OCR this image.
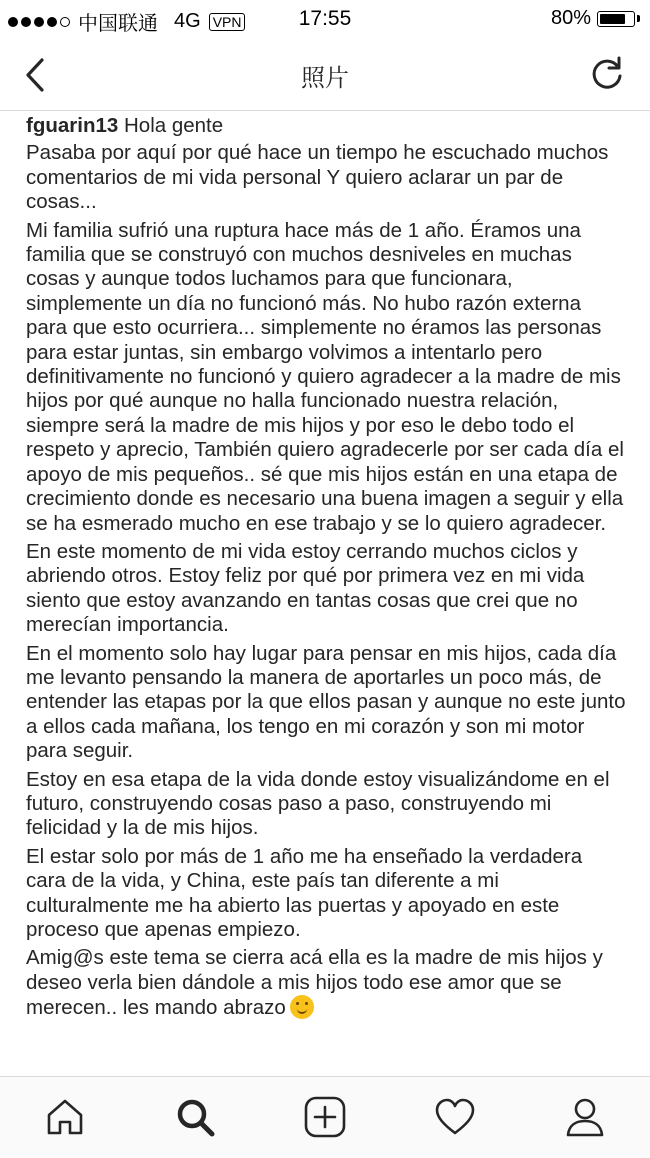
中国联通 4G VPN	17:55	80%
照片

fguarin13 Hola gente

Pasaba por aquí por qué hace un tiempo he escuchado muchos comentarios de mi vida personal Y quiero aclarar un par de cosas...

Mi familia sufrió una ruptura hace más de 1 año. Éramos una familia que se construyó con muchos desniveles en muchas cosas y aunque todos luchamos para que funcionara, simplemente un día no funcionó más. No hubo razón externa para que esto ocurriera... simplemente no éramos las personas para estar juntas, sin embargo volvimos a intentarlo pero definitivamente no funcionó y quiero agradecer a la madre de mis hijos por qué aunque no halla funcionado nuestra relación, siempre será la madre de mis hijos y por eso le debo todo el respeto y aprecio, También quiero agradecerle por ser cada día el apoyo de mis pequeños.. sé que mis hijos están en una etapa de crecimiento donde es necesario una buena imagen a seguir y ella se ha esmerado mucho en ese trabajo y se lo quiero agradecer.

En este momento de mi vida estoy cerrando muchos ciclos y abriendo otros. Estoy feliz por qué por primera vez en mi vida siento que estoy avanzando en tantas cosas que crei que no merecían importancia.

En el momento solo hay lugar para pensar en mis hijos, cada día me levanto pensando la manera de aportarles un poco más, de entender las etapas por la que ellos pasan y aunque no este junto a ellos cada mañana, los tengo en mi corazón y son mi motor para seguir.

Estoy en esa etapa de la vida donde estoy visualizándome en el futuro, construyendo cosas paso a paso, construyendo mi felicidad y la de mis hijos.

El estar solo por más de 1 año me ha enseñado la verdadera cara de la vida, y China, este país tan diferente a mi culturalmente me ha abierto las puertas y apoyado en este proceso que apenas empiezo.

Amig@s este tema se cierra acá ella es la madre de mis hijos y deseo verla bien dándole a mis hijos todo ese amor que se merecen.. les mando abrazo
